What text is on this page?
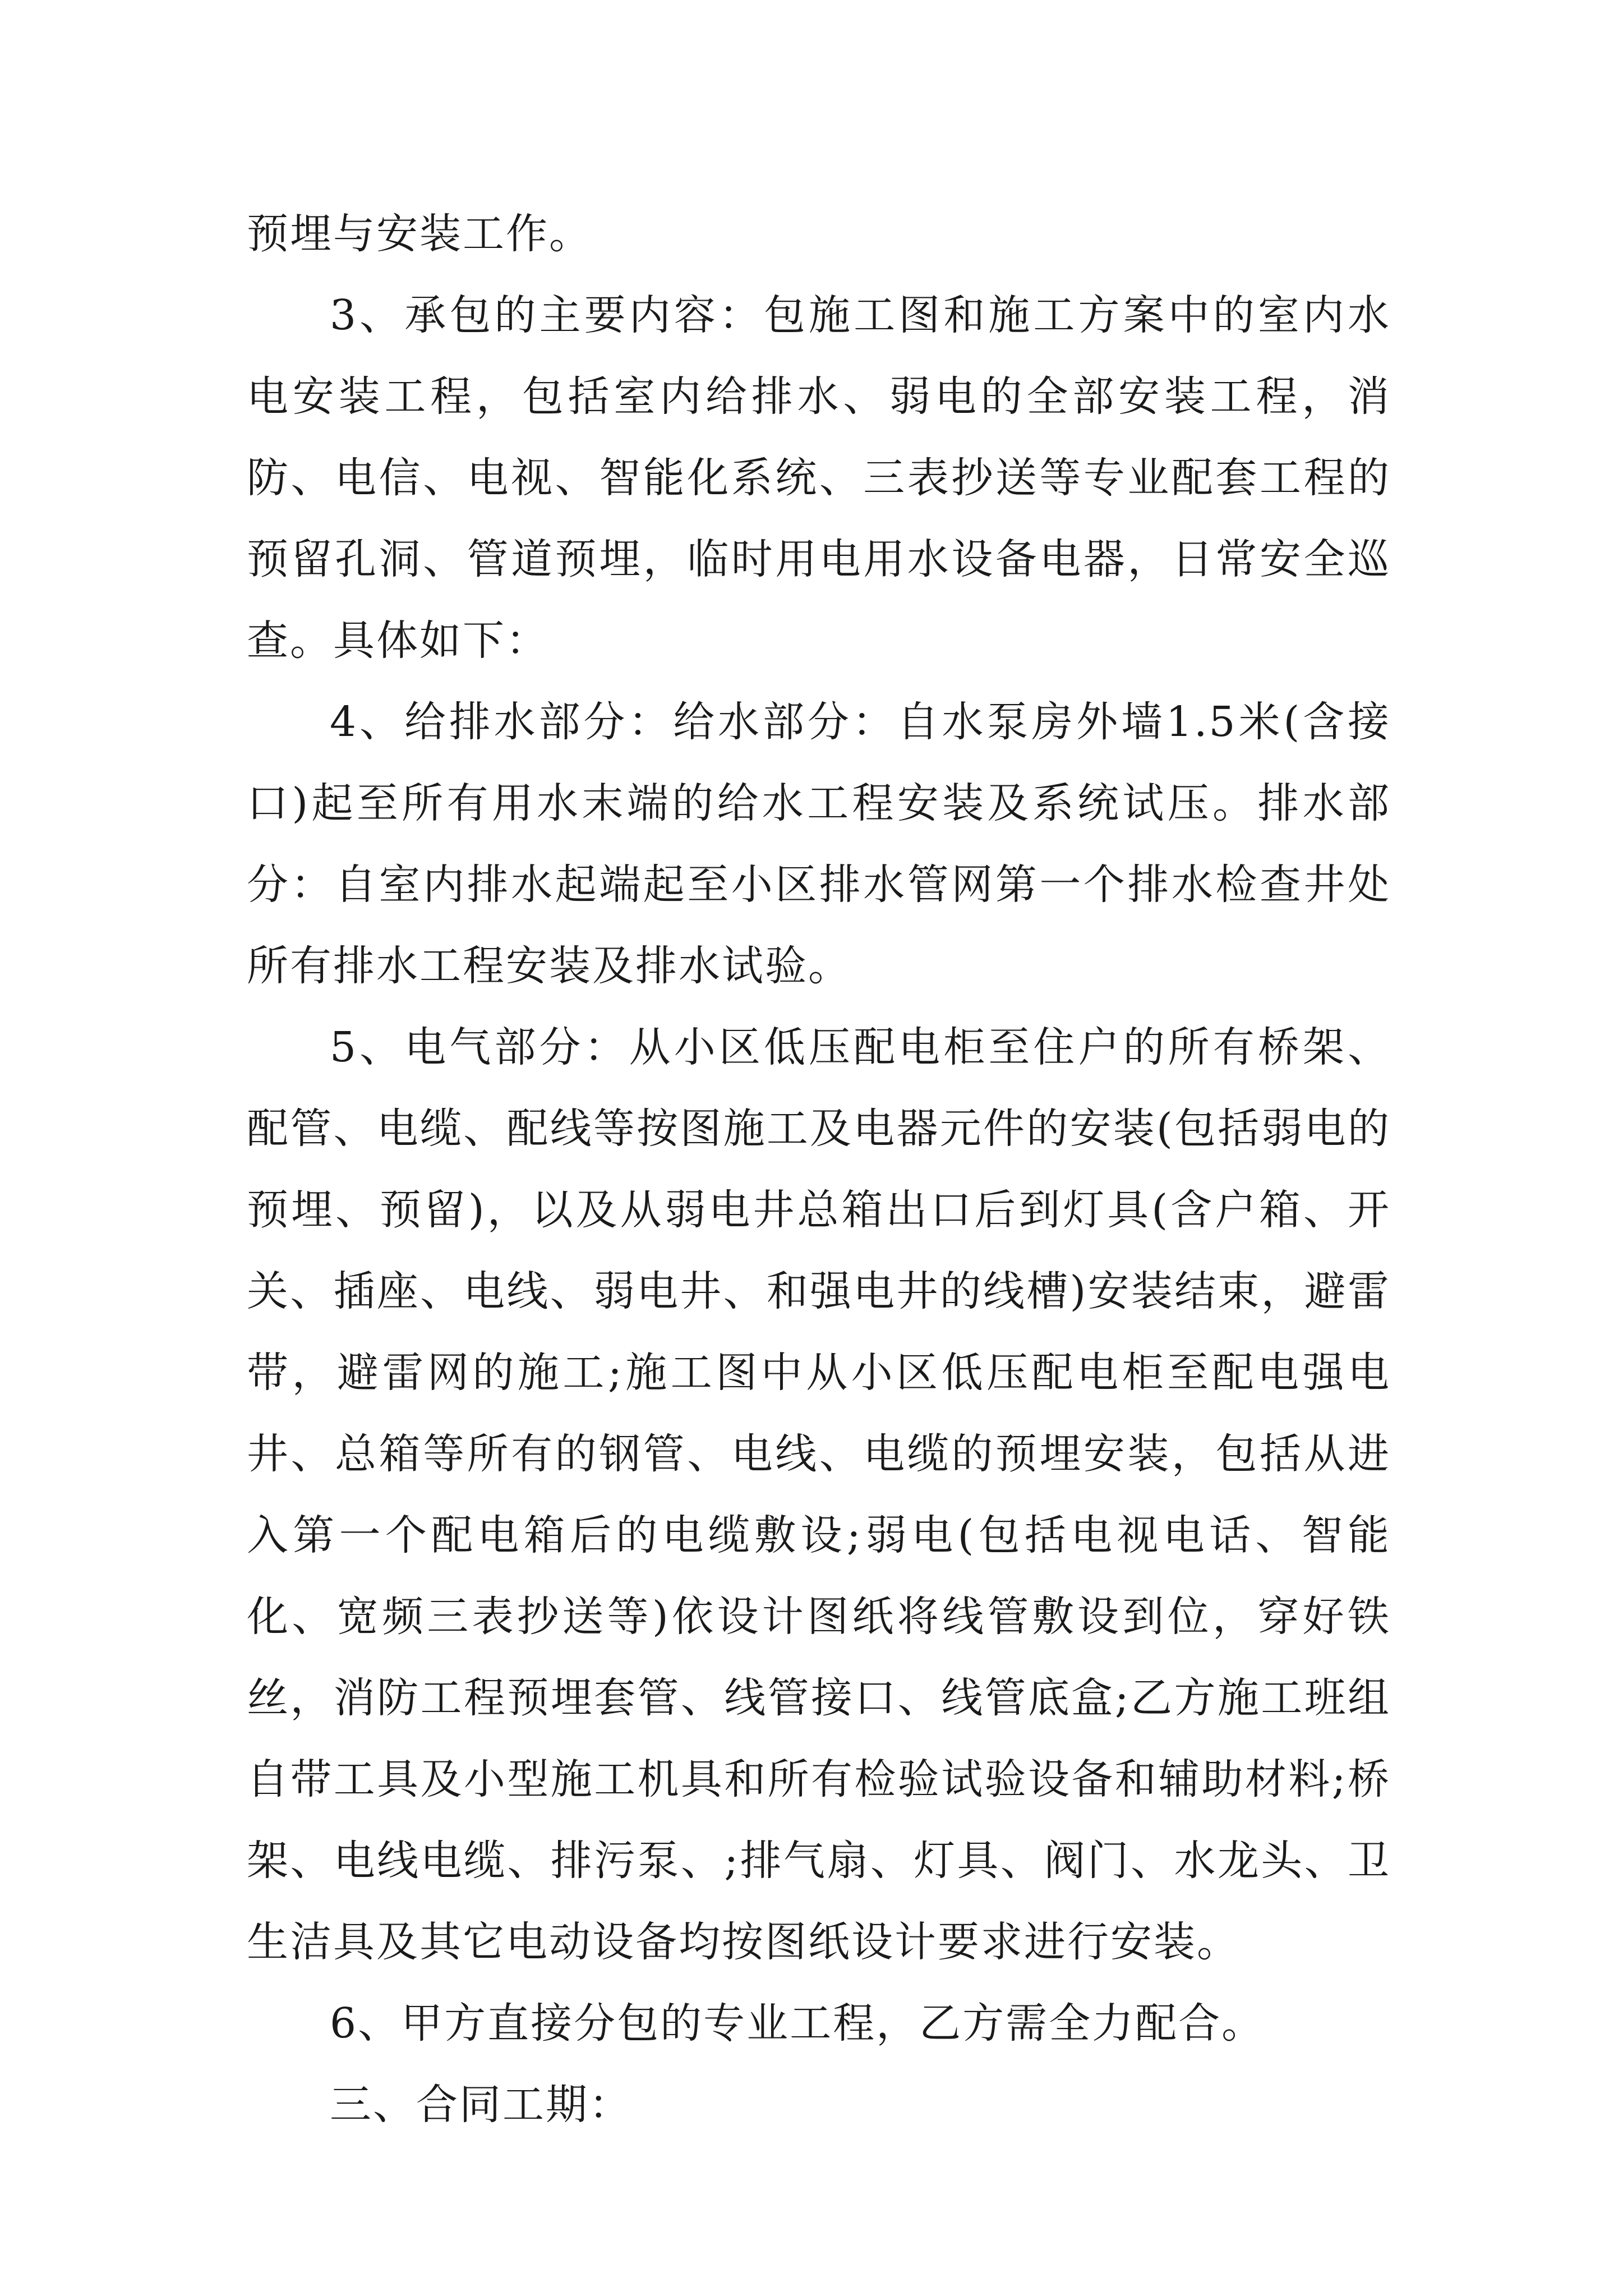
预埋与安装工作。

3、承包的主要内容：包施工图和施工方案中的室内水电安装工程，包括室内给排水、弱电的全部安装工程，消防、电信、电视、智能化系统、三表抄送等专业配套工程的预留孔洞、管道预埋，临时用电用水设备电器，日常安全巡查。具体如下：

4、给排水部分：给水部分：自水泵房外墙1.5米(含接口)起至所有用水末端的给水工程安装及系统试压。排水部分：自室内排水起端起至小区排水管网第一个排水检查井处所有排水工程安装及排水试验。

5、电气部分：从小区低压配电柜至住户的所有桥架、配管、电缆、配线等按图施工及电器元件的安装(包括弱电的预埋、预留)，以及从弱电井总箱出口后到灯具(含户箱、开关、插座、电线、弱电井、和强电井的线槽)安装结束，避雷带，避雷网的施工;施工图中从小区低压配电柜至配电强电井、总箱等所有的钢管、电线、电缆的预埋安装，包括从进入第一个配电箱后的电缆敷设;弱电(包括电视电话、智能化、宽频三表抄送等)依设计图纸将线管敷设到位，穿好铁丝，消防工程预埋套管、线管接口、线管底盒;乙方施工班组自带工具及小型施工机具和所有检验试验设备和辅助材料;桥架、电线电缆、排污泵、;排气扇、灯具、阀门、水龙头、卫生洁具及其它电动设备均按图纸设计要求进行安装。

6、甲方直接分包的专业工程，乙方需全力配合。

三、合同工期：
